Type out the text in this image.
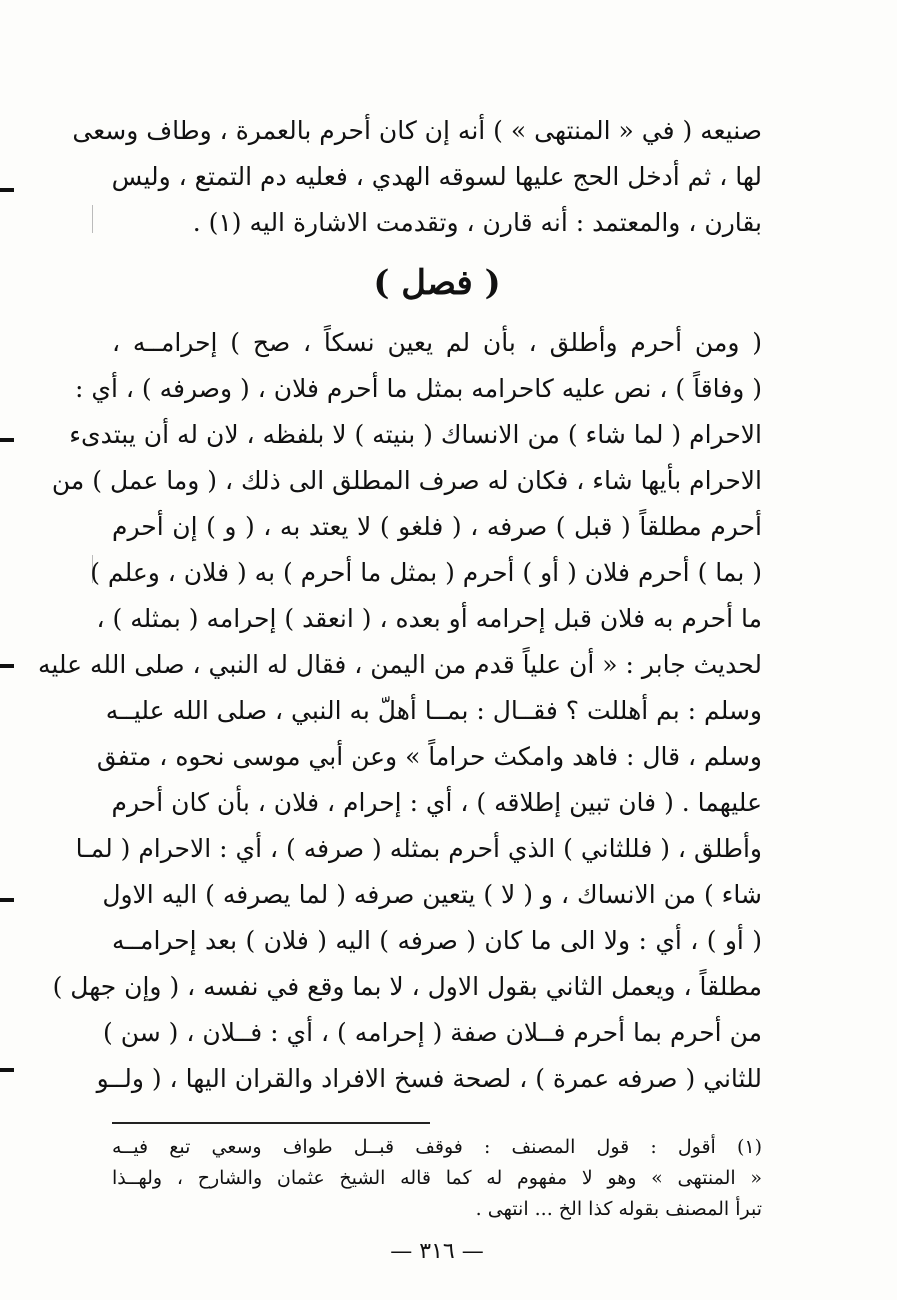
صنيعه ( في « المنتهى » ) أنه إن كان أحرم بالعمرة ، وطاف وسعى
لها ، ثم أدخل الحج عليها لسوقه الهدي ، فعليه دم التمتع ، وليس
بقارن ، والمعتمد : أنه قارن ، وتقدمت الاشارة اليه (١) .
( فصل )
( ومن أحرم وأطلق ، بأن لم يعين نسكاً ، صح ) إحرامــه ،
( وفاقاً ) ، نص عليه كاحرامه بمثل ما أحرم فلان ، ( وصرفه ) ، أي :
الاحرام ( لما شاء ) من الانساك ( بنيته ) لا بلفظه ، لان له أن يبتدىء
الاحرام بأيها شاء ، فكان له صرف المطلق الى ذلك ، ( وما عمل ) من
أحرم مطلقاً ( قبل ) صرفه ، ( فلغو ) لا يعتد به ، ( و ) إن أحرم
( بما ) أحرم فلان ( أو ) أحرم ( بمثل ما أحرم ) به ( فلان ، وعلم )
ما أحرم به فلان قبل إحرامه أو بعده ، ( انعقد ) إحرامه ( بمثله ) ،
لحديث جابر : « أن علياً قدم من اليمن ، فقال له النبي ، صلى الله عليه
وسلم : بم أهللت ؟ فقــال : بمــا أهلّ به النبي ، صلى الله عليــه
وسلم ، قال : فاهد وامكث حراماً » وعن أبي موسى نحوه ، متفق
عليهما . ( فان تبين إطلاقه ) ، أي : إحرام ، فلان ، بأن كان أحرم
وأطلق ، ( فللثاني ) الذي أحرم بمثله ( صرفه ) ، أي : الاحرام ( لمـا
شاء ) من الانساك ، و ( لا ) يتعين صرفه ( لما يصرفه ) اليه الاول
( أو ) ، أي : ولا الى ما كان ( صرفه ) اليه ( فلان ) بعد إحرامــه
مطلقاً ، ويعمل الثاني بقول الاول ، لا بما وقع في نفسه ، ( وإن جهل )
من أحرم بما أحرم فــلان صفة ( إحرامه ) ، أي : فــلان ، ( سن )
للثاني ( صرفه عمرة ) ، لصحة فسخ الافراد والقران اليها ، ( ولــو
(١) أقول : قول المصنف : فوقف قبــل طواف وسعي تبع فيــه
« المنتهى » وهو لا مفهوم له كما قاله الشيخ عثمان والشارح ، ولهــذا
تبرأ المصنف بقوله كذا الخ ... انتهى .
— ٣١٦ —
